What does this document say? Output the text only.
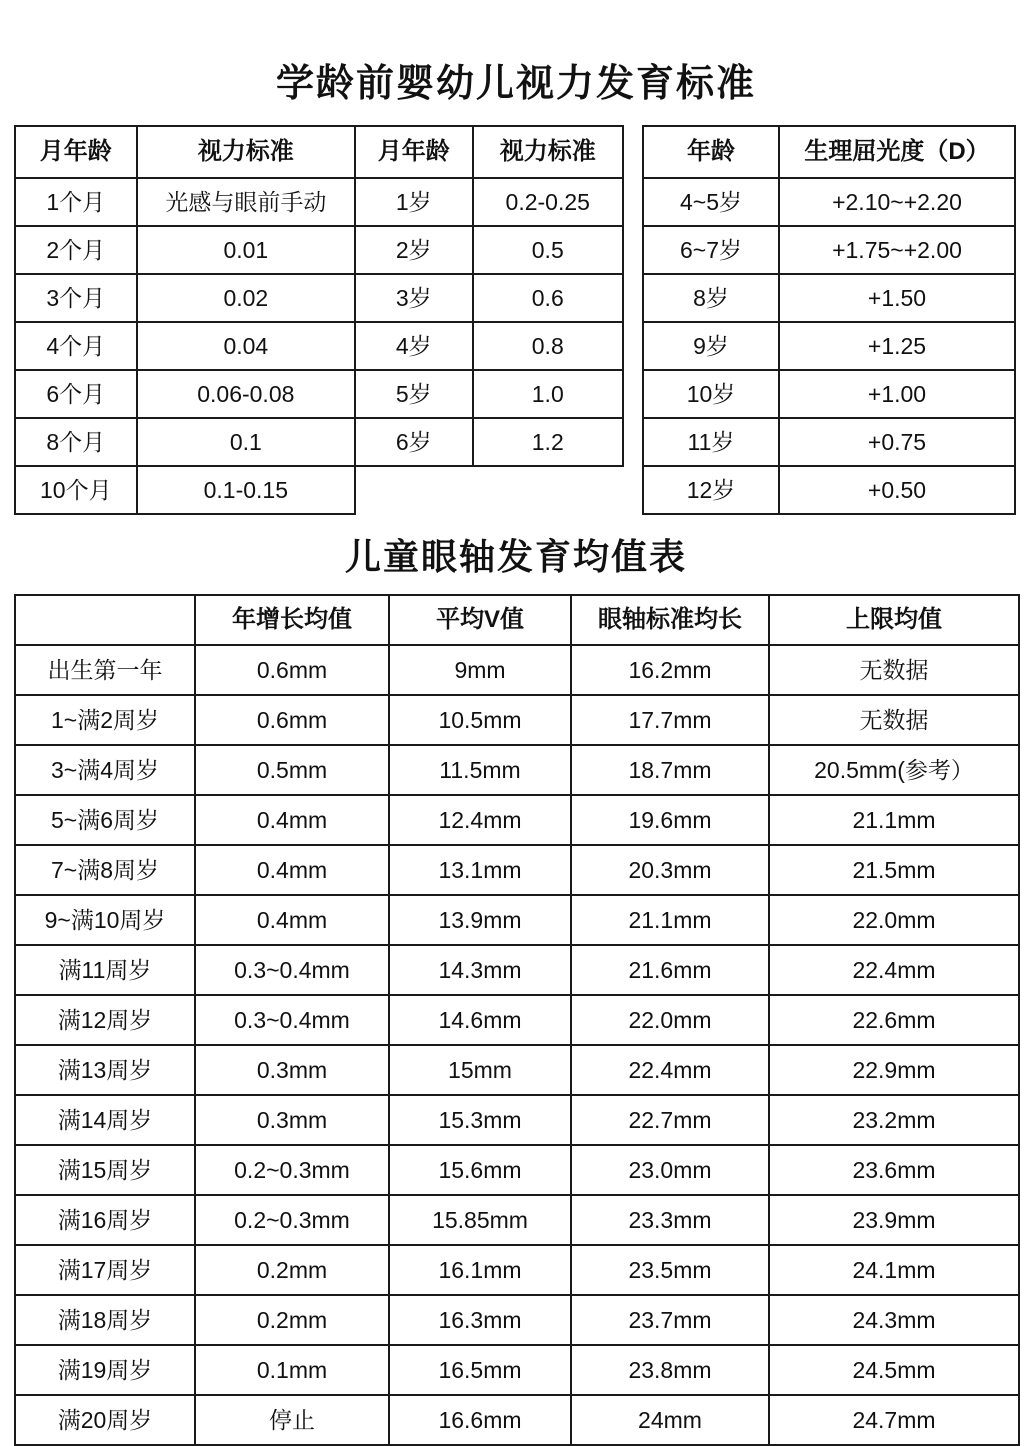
学龄前婴幼儿视力发育标准
月年龄	视力标准	月年龄	视力标准
1个月	光感与眼前手动	1岁	0.2-0.25
2个月	0.01	2岁	0.5
3个月	0.02	3岁	0.6
4个月	0.04	4岁	0.8
6个月	0.06-0.08	5岁	1.0
8个月	0.1	6岁	1.2
10个月	0.1-0.15		
年龄	生理屈光度（D）
4~5岁	+2.10~+2.20
6~7岁	+1.75~+2.00
8岁	+1.50
9岁	+1.25
10岁	+1.00
11岁	+0.75
12岁	+0.50
儿童眼轴发育均值表
	年增长均值	平均V值	眼轴标准均长	上限均值
出生第一年	0.6mm	9mm	16.2mm	无数据
1~满2周岁	0.6mm	10.5mm	17.7mm	无数据
3~满4周岁	0.5mm	11.5mm	18.7mm	20.5mm(参考）
5~满6周岁	0.4mm	12.4mm	19.6mm	21.1mm
7~满8周岁	0.4mm	13.1mm	20.3mm	21.5mm
9~满10周岁	0.4mm	13.9mm	21.1mm	22.0mm
满11周岁	0.3~0.4mm	14.3mm	21.6mm	22.4mm
满12周岁	0.3~0.4mm	14.6mm	22.0mm	22.6mm
满13周岁	0.3mm	15mm	22.4mm	22.9mm
满14周岁	0.3mm	15.3mm	22.7mm	23.2mm
满15周岁	0.2~0.3mm	15.6mm	23.0mm	23.6mm
满16周岁	0.2~0.3mm	15.85mm	23.3mm	23.9mm
满17周岁	0.2mm	16.1mm	23.5mm	24.1mm
满18周岁	0.2mm	16.3mm	23.7mm	24.3mm
满19周岁	0.1mm	16.5mm	23.8mm	24.5mm
满20周岁	停止	16.6mm	24mm	24.7mm
